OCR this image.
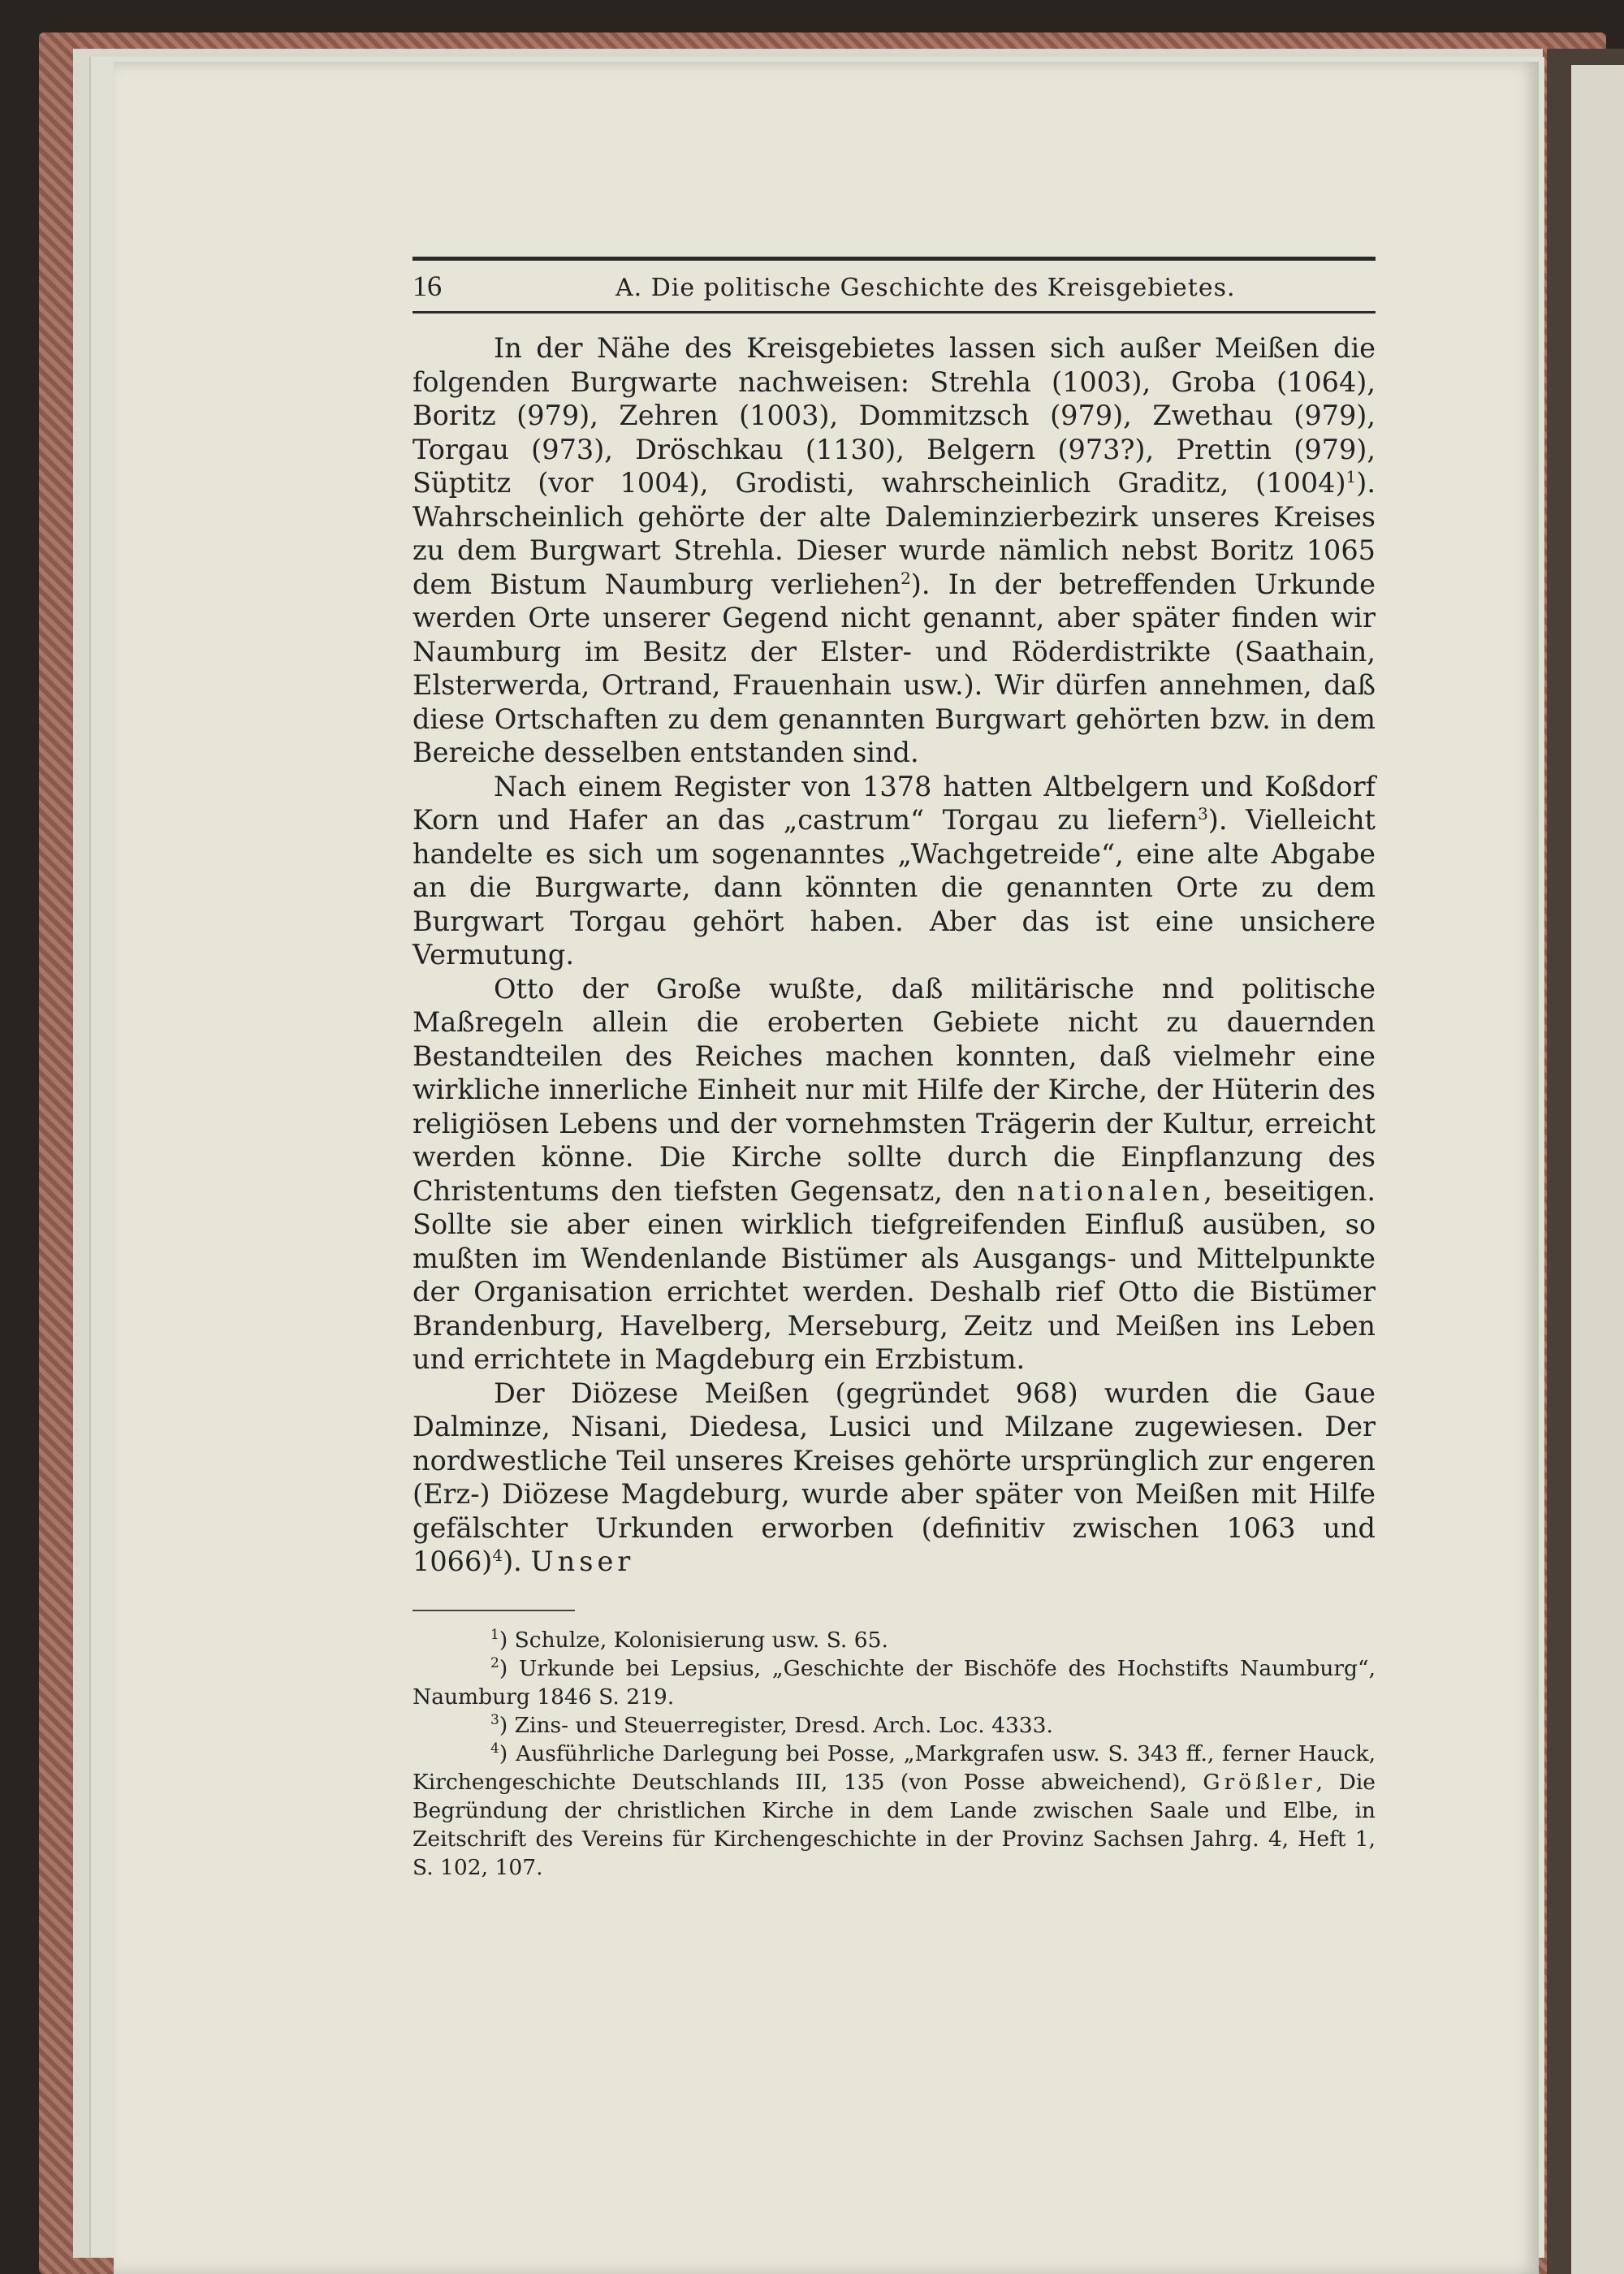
16	A. Die politische Geschichte des Kreisgebietes.

In der Nähe des Kreisgebietes lassen sich außer Meißen die folgenden Burgwarte nachweisen: Strehla (1003), Groba (1064), Boritz (979), Zehren (1003), Dommitzsch (979), Zwethau (979), Torgau (973), Dröschkau (1130), Belgern (973?), Prettin (979), Süptitz (vor 1004), Grodisti, wahrscheinlich Graditz, $(1004)^1$). Wahrscheinlich gehörte der alte Daleminzierbezirk unseres Kreises zu dem Burgwart Strehla. Dieser wurde nämlich nebst Boritz 1065 dem Bistum Naumburg verliehen$^2$). In der betreffenden Urkunde werden Orte unserer Gegend nicht genannt, aber später finden wir Naumburg im Besitz der Elster- und Röderdistrikte (Saathain, Elsterwerda, Ortrand, Frauenhain usw.). Wir dürfen annehmen, daß diese Ortschaften zu dem genannten Burgwart gehörten bzw. in dem Bereiche desselben entstanden sind.

Nach einem Register von 1378 hatten Altbelgern und Koßdorf Korn und Hafer an das „castrum“ Torgau zu liefern$^3$). Vielleicht handelte es sich um sogenanntes „Wachgetreide“, eine alte Abgabe an die Burgwarte, dann könnten die genannten Orte zu dem Burgwart Torgau gehört haben. Aber das ist eine unsichere Vermutung.

Otto der Große wußte, daß militärische nnd politische Maßregeln allein die eroberten Gebiete nicht zu dauernden Bestandteilen des Reiches machen konnten, daß vielmehr eine wirkliche innerliche Einheit nur mit Hilfe der Kirche, der Hüterin des religiösen Lebens und der vornehmsten Trägerin der Kultur, erreicht werden könne. Die Kirche sollte durch die Einpflanzung des Christentums den tiefsten Gegensatz, den nationalen, beseitigen. Sollte sie aber einen wirklich tiefgreifenden Einfluß ausüben, so mußten im Wendenlande Bistümer als Ausgangs- und Mittelpunkte der Organisation errichtet werden. Deshalb rief Otto die Bistümer Brandenburg, Havelberg, Merseburg, Zeitz und Meißen ins Leben und errichtete in Magdeburg ein Erzbistum.

Der Diözese Meißen (gegründet 968) wurden die Gaue Dalminze, Nisani, Diedesa, Lusici und Milzane zugewiesen. Der nordwestliche Teil unseres Kreises gehörte ursprünglich zur engeren (Erz-) Diözese Magdeburg, wurde aber später von Meißen mit Hilfe gefälschter Urkunden erworben (definitiv zwischen 1063 und 1066)$^4$). Unser

$^1$) Schulze, Kolonisierung usw. S. 65.

$^2$) Urkunde bei Lepsius, „Geschichte der Bischöfe des Hochstifts Naumburg“, Naumburg 1846 S. 219.

$^3$) Zins- und Steuerregister, Dresd. Arch. Loc. 4333.

$^4$) Ausführliche Darlegung bei Posse, „Markgrafen usw. S. 343 ff., ferner Hauck, Kirchengeschichte Deutschlands III, 135 (von Posse abweichend), Größler, Die Begründung der christlichen Kirche in dem Lande zwischen Saale und Elbe, in Zeitschrift des Vereins für Kirchengeschichte in der Provinz Sachsen Jahrg. 4, Heft 1, S. 102, 107.
